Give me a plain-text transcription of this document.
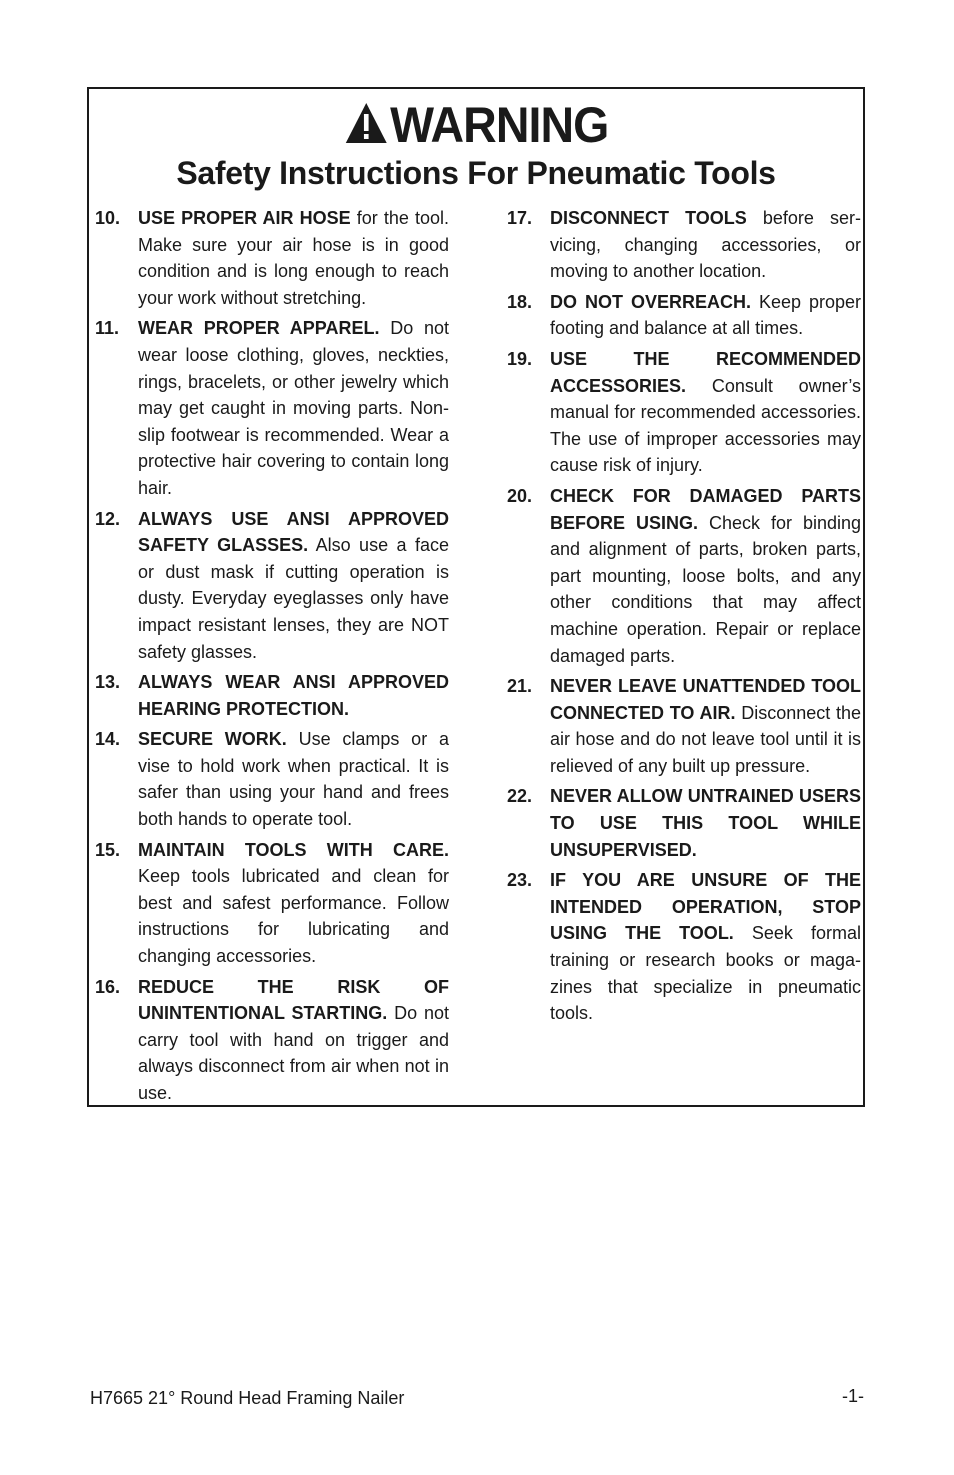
WARNING
Safety Instructions For Pneumatic Tools
10. USE PROPER AIR HOSE for the tool. Make sure your air hose is in good condition and is long enough to reach your work without stretching.
11.	WEAR PROPER APPAREL. Do not wear loose clothing, gloves, neckties, rings, bracelets, or other jewelry which may get caught in moving parts. Non-slip footwear is recommended. Wear a protective hair covering to contain long hair.
12. ALWAYS USE ANSI APPROVED SAFETY GLASSES. Also use a face or dust mask if cutting operation is dusty. Everyday eyeglasses only have impact resistant lenses, they are NOT safety glasses.
13. ALWAYS WEAR ANSI APPROVED HEARING PROTECTION.
14. SECURE WORK. Use clamps or a vise to hold work when practical. It is safer than using your hand and frees both hands to operate tool.
15. MAINTAIN TOOLS WITH CARE. Keep tools lubricated and clean for best and safest performance. Follow instructions for lubricating and changing accessories.
16. REDUCE THE RISK OF UNINTENTIONAL STARTING. Do not carry tool with hand on trigger and always disconnect from air when not in use.
17. DISCONNECT TOOLS before servicing, changing accessories, or moving to another location.
18. DO NOT OVERREACH. Keep proper footing and balance at all times.
19. USE THE RECOMMENDED ACCESSORIES. Consult owner’s manual for recommended accessories. The use of improper accessories may cause risk of injury.
20. CHECK FOR DAMAGED PARTS BEFORE USING. Check for binding and alignment of parts, broken parts, part mounting, loose bolts, and any other conditions that may affect machine operation. Repair or replace damaged parts.
21. NEVER LEAVE UNATTENDED TOOL CONNECTED TO AIR. Disconnect the air hose and do not leave tool until it is relieved of any built up pressure.
22. NEVER ALLOW UNTRAINED USERS TO USE THIS TOOL WHILE UNSUPERVISED.
23. IF YOU ARE UNSURE OF THE INTENDED OPERATION, STOP USING THE TOOL. Seek formal training or research books or magazines that specialize in pneumatic tools.
H7665 21° Round Head Framing Nailer	-1-
